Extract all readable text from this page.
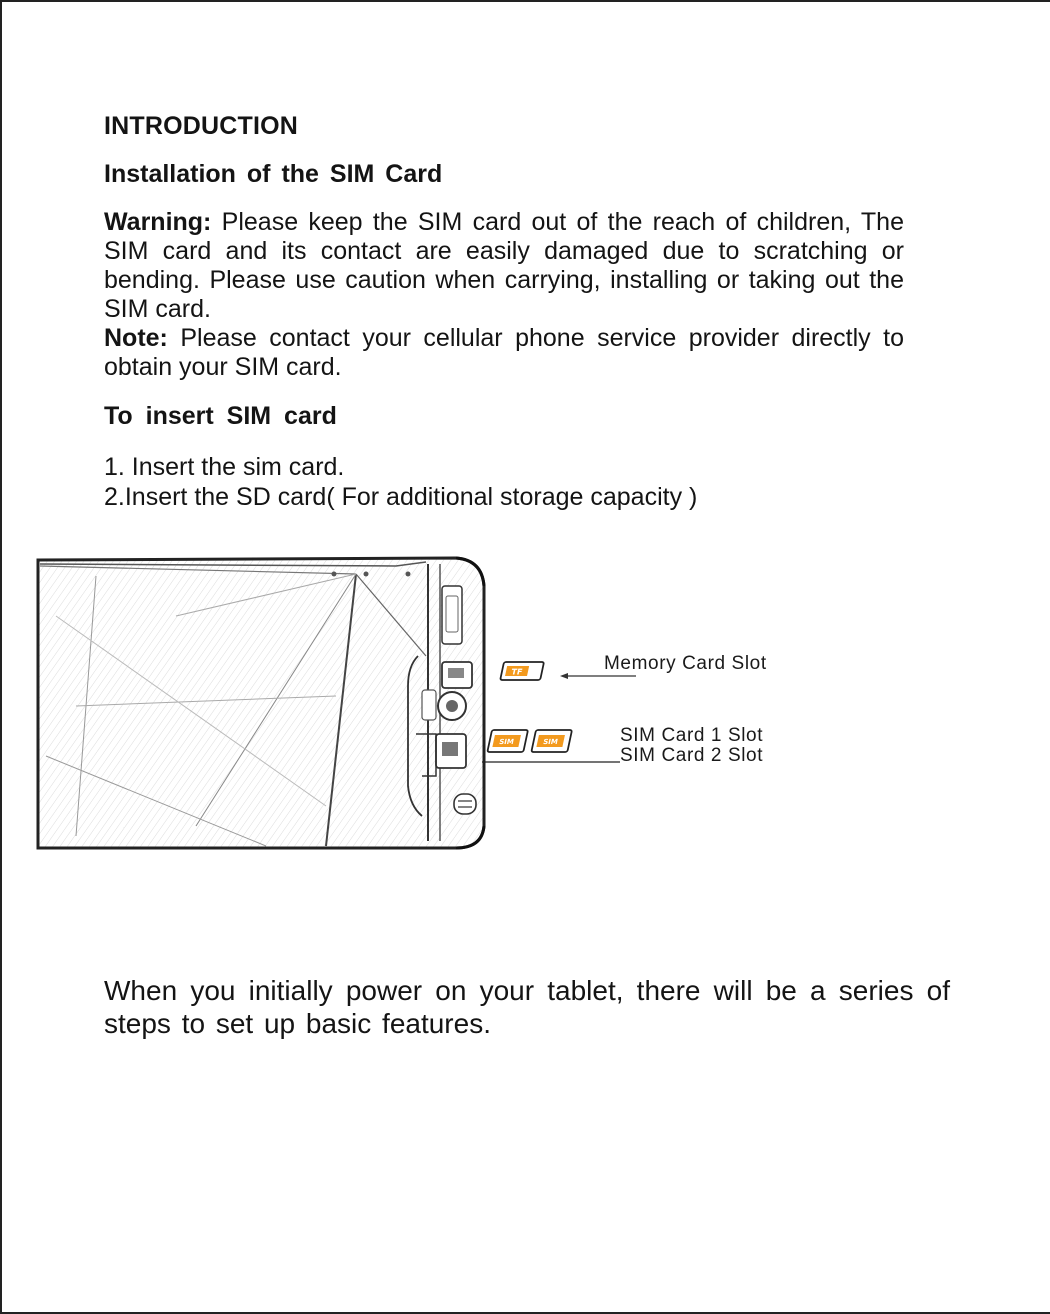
INTRODUCTION
Installation of the SIM Card

Warning: Please keep the SIM card out of the reach of children, The SIM card and its contact are easily damaged due to scratching or bending. Please use caution when carrying, installing or taking out the SIM card.

Note: Please contact your cellular phone service provider directly to obtain your SIM card.

To insert SIM card
1. Insert the sim card.
2.Insert the SD card( For additional storage capacity )
TF
SIM	SIM
Memory Card Slot
SIM Card 1 Slot
SIM Card 2 Slot
When you initially power on your tablet, there will be a series of steps to set up basic features.
